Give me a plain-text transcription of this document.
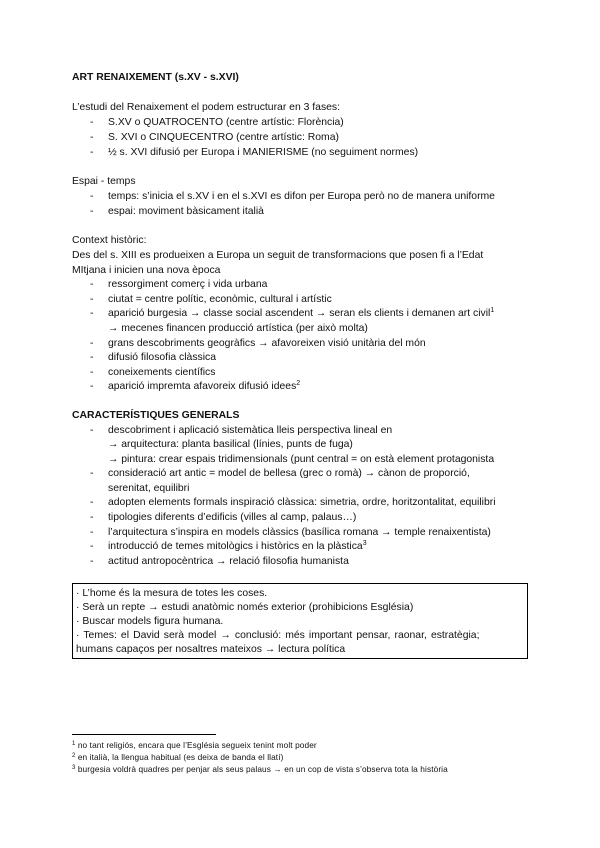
ART RENAIXEMENT (s.XV - s.XVI)
L’estudi del Renaixement el podem estructurar en 3 fases:
- S.XV o QUATROCENTO (centre artístic: Florència)
- S. XVI o CINQUECENTRO (centre artístic: Roma)
- ½ s. XVI difusió per Europa i MANIERISME (no seguiment normes)
Espai - temps
- temps: s’inicia el s.XV i en el s.XVI es difon per Europa però no de manera uniforme
- espai: moviment bàsicament italià
Context històric:
Des del s. XIII es produeixen a Europa un seguit de transformacions que posen fi a l’Edat
MItjana i inicien una nova època
- ressorgiment comerç i vida urbana
- ciutat = centre polític, econòmic, cultural i artístic
- aparició burgesia → classe social ascendent → seran els clients i demanen art civil$^1$
→ mecenes financen producció artística (per això molta)
- grans descobriments geogràfics → afavoreixen visió unitària del món
- difusió filosofia clàssica
- coneixements científics
- aparició impremta afavoreix difusió idees$^2$
CARACTERÍSTIQUES GENERALS
- descobriment i aplicació sistemàtica lleis perspectiva lineal en
→ arquitectura: planta basilical (línies, punts de fuga)
→ pintura: crear espais tridimensionals (punt central = on està element protagonista
- consideració art antic = model de bellesa (grec o romà) → cànon de proporció,
serenitat, equilibri
- adopten elements formals inspiració clàssica: simetria, ordre, horitzontalitat, equilibri
- tipologies diferents d’edificis (villes al camp, palaus…)
- l’arquitectura s’inspira en models clàssics (basílica romana → temple renaixentista)
- introducció de temes mitològics i històrics en la plàstica$^3$
- actitud antropocèntrica → relació filosofia humanista
· L’home és la mesura de totes les coses.
· Serà un repte → estudi anatòmic només exterior (prohibicions Església)
· Buscar models figura humana.
· Temes: el David serà model → conclusió: més important pensar, raonar, estratègia;
humans capaços per nosaltres mateixos → lectura política
$^1$ no tant religiós, encara que l’Església segueix tenint molt poder
$^2$ en italià, la llengua habitual (es deixa de banda el llatí)
$^3$ burgesia voldrà quadres per penjar als seus palaus → en un cop de vista s’observa tota la història
